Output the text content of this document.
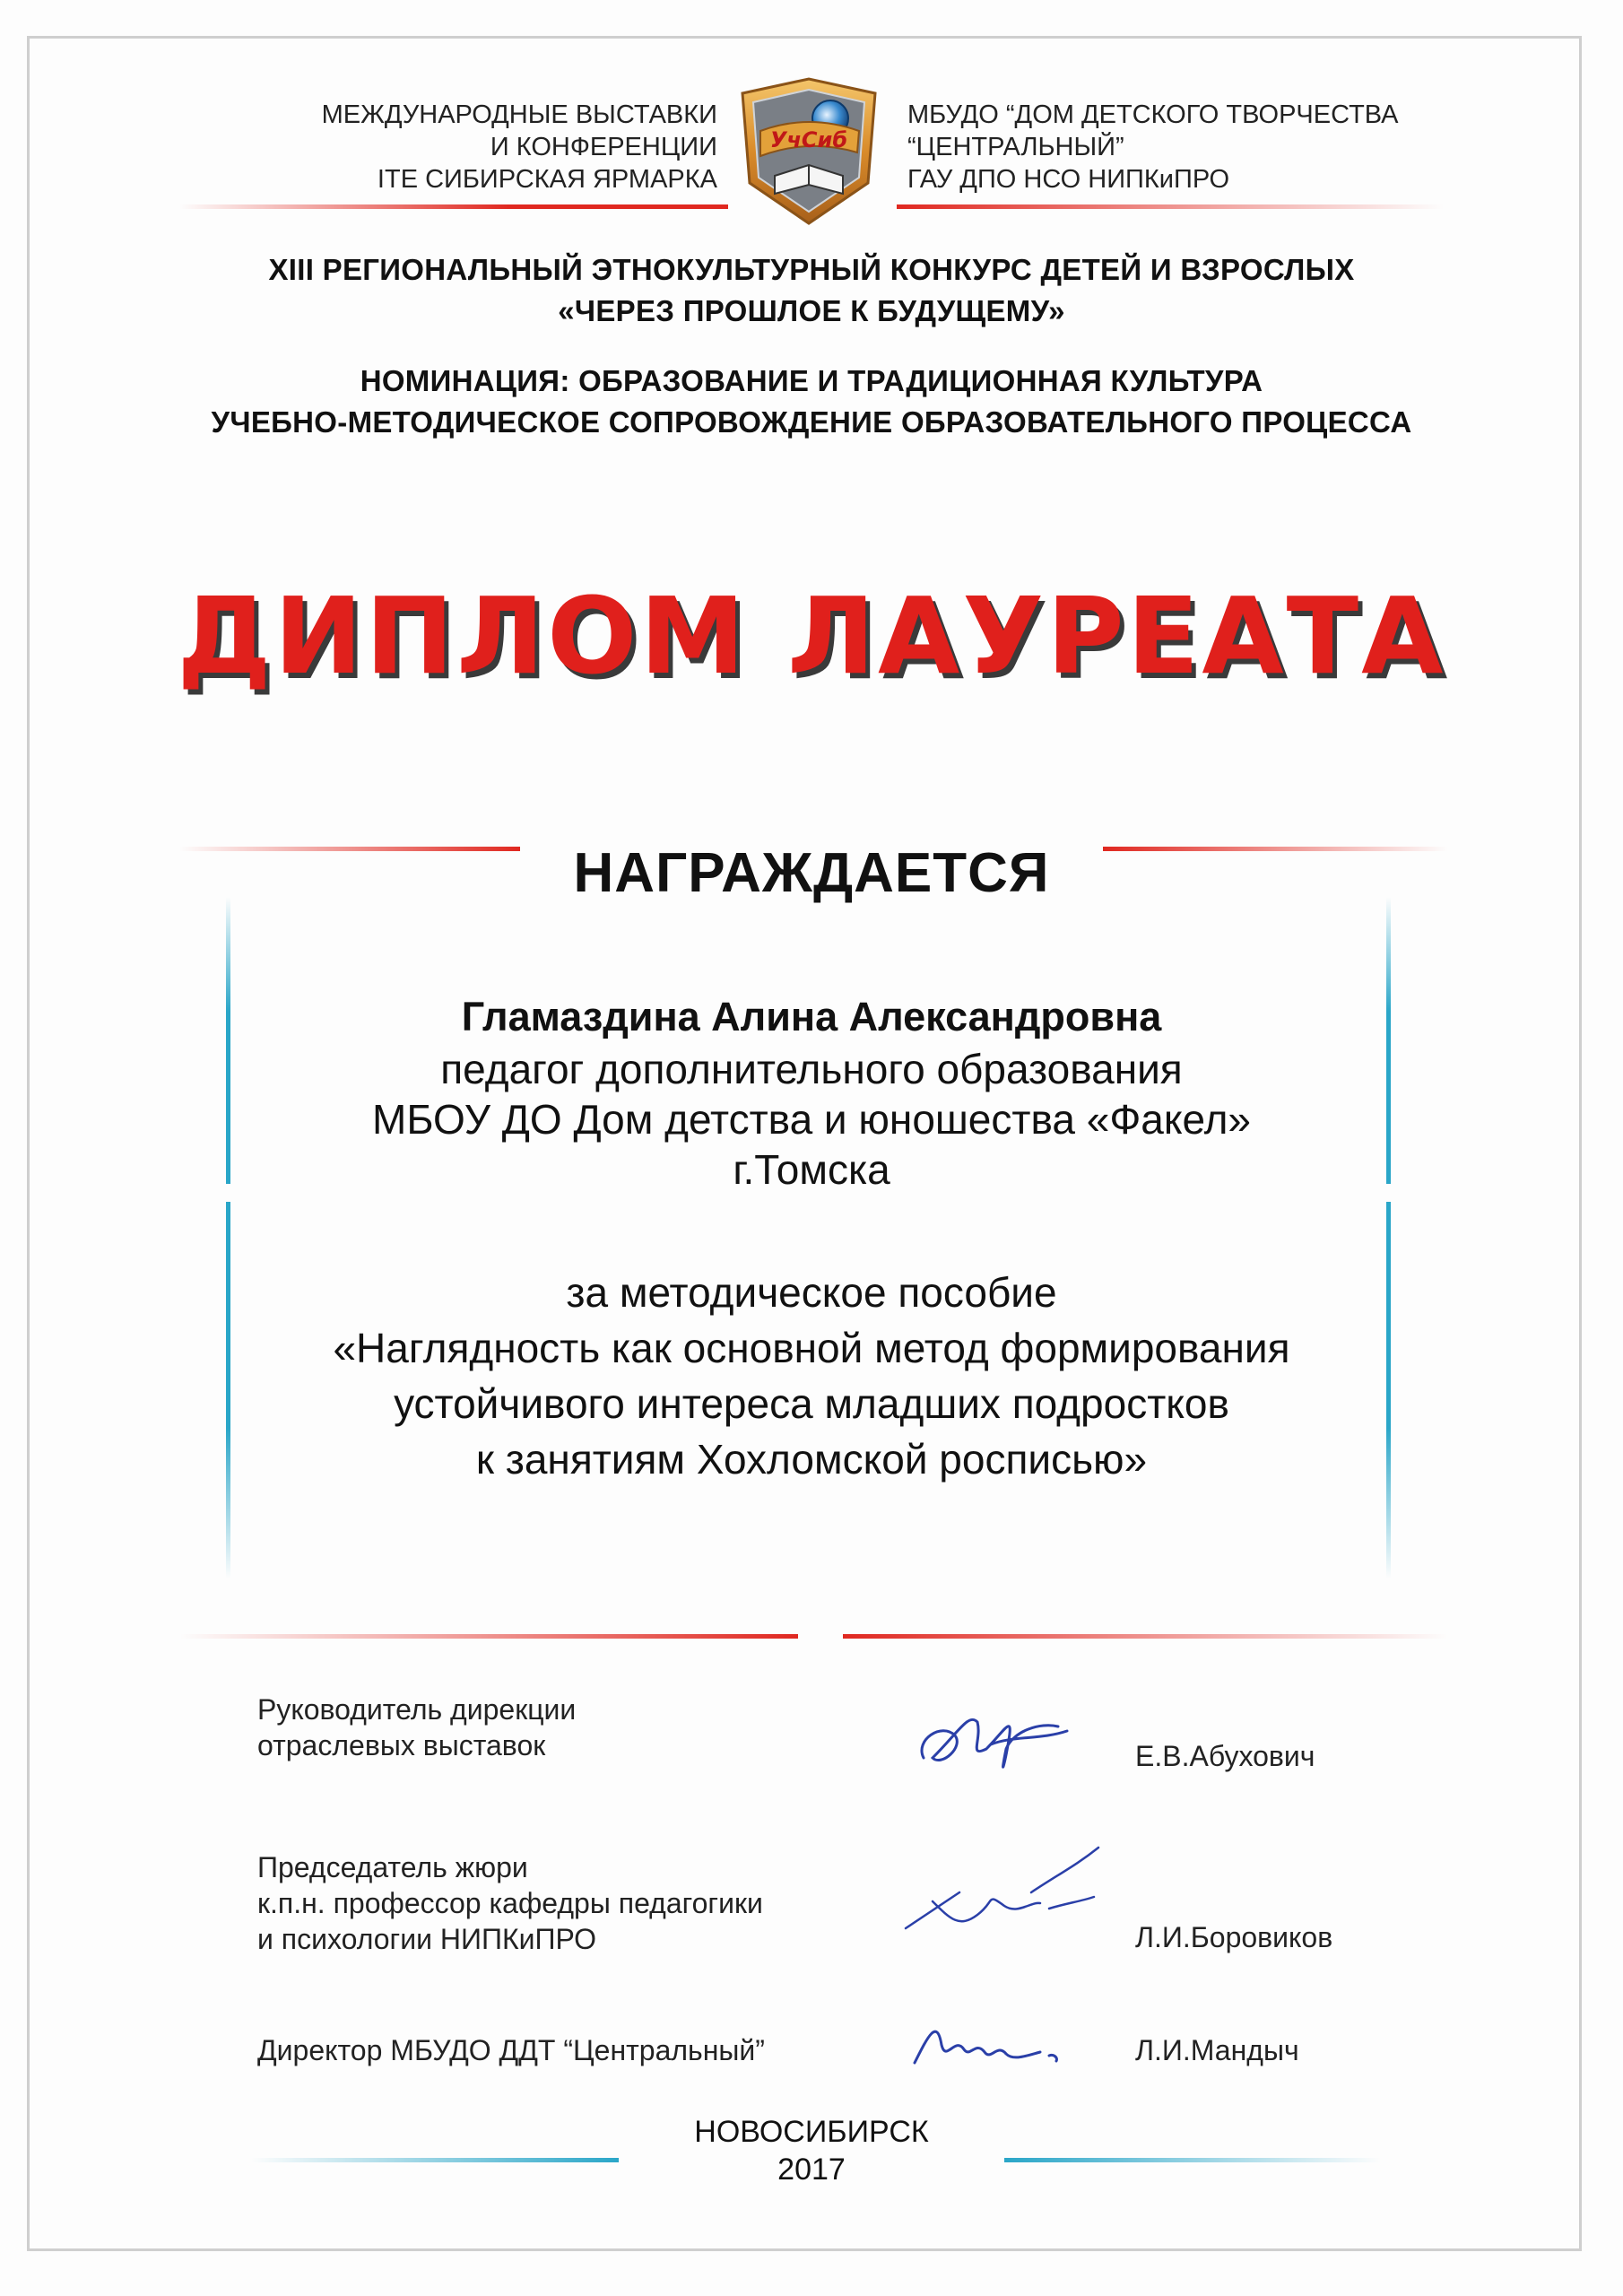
МЕЖДУНАРОДНЫЕ ВЫСТАВКИ
И КОНФЕРЕНЦИИ
ITE СИБИРСКАЯ ЯРМАРКА
УчСиб
МБУДО “ДОМ ДЕТСКОГО ТВОРЧЕСТВА
“ЦЕНТРАЛЬНЫЙ”
ГАУ ДПО НСО НИПКиПРО
XIII РЕГИОНАЛЬНЫЙ ЭТНОКУЛЬТУРНЫЙ КОНКУРС ДЕТЕЙ И ВЗРОСЛЫХ
«ЧЕРЕЗ ПРОШЛОЕ К БУДУЩЕМУ»
НОМИНАЦИЯ: ОБРАЗОВАНИЕ И ТРАДИЦИОННАЯ КУЛЬТУРА
УЧЕБНО-МЕТОДИЧЕСКОЕ СОПРОВОЖДЕНИЕ ОБРАЗОВАТЕЛЬНОГО ПРОЦЕССА
ДИПЛОМ ЛАУРЕАТА
НАГРАЖДАЕТСЯ
Гламаздина Алина Александровна
педагог дополнительного образования
МБОУ ДО Дом детства и юношества «Факел»
г.Томска
за методическое пособие
«Наглядность как основной метод формирования
устойчивого интереса младших подростков
к занятиям Хохломской росписью»
Руководитель дирекции
отраслевых выставок	Е.В.Абухович
Председатель жюри
к.п.н. профессор кафедры педагогики
и психологии НИПКиПРО	Л.И.Боровиков
Директор МБУДО ДДТ “Центральный”	Л.И.Мандыч
НОВОСИБИРСК
2017
